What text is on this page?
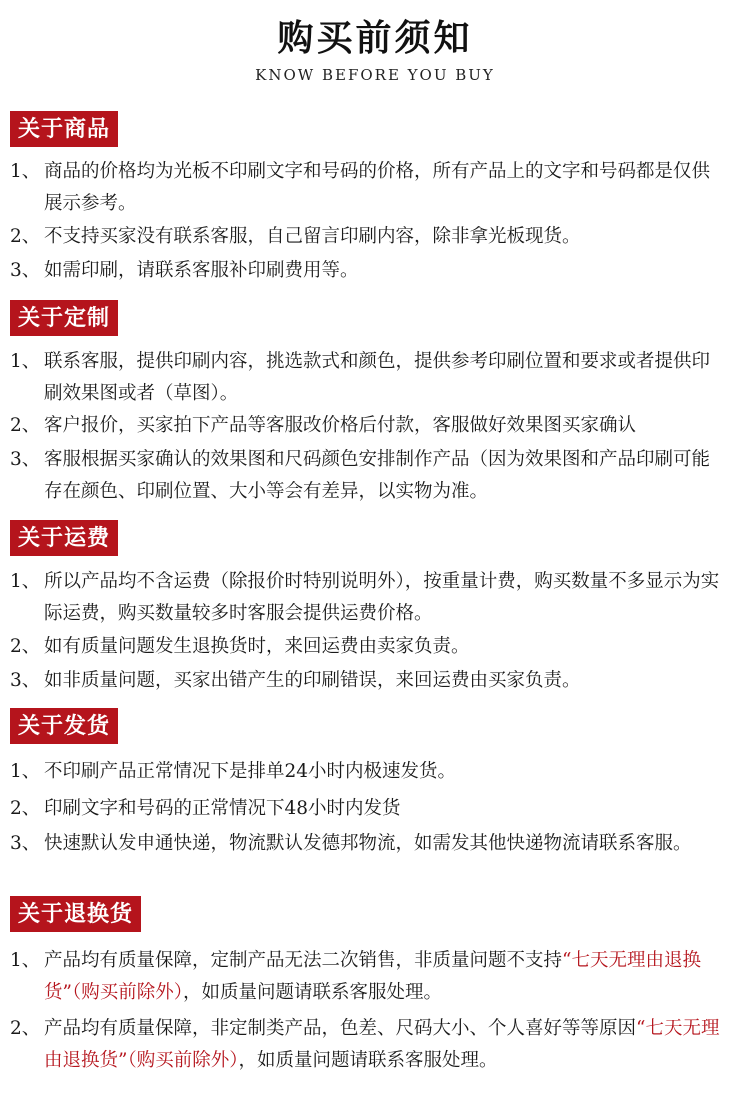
购买前须知
KNOW BEFORE YOU BUY
关于商品
1、 商品的价格均为光板不印刷文字和号码的价格，所有产品上的文字和号码都是仅供展示参考。
2、 不支持买家没有联系客服，自己留言印刷内容，除非拿光板现货。
3、 如需印刷，请联系客服补印刷费用等。
关于定制
1、 联系客服，提供印刷内容，挑选款式和颜色，提供参考印刷位置和要求或者提供印刷效果图或者（草图）。
2、 客户报价，买家拍下产品等客服改价格后付款，客服做好效果图买家确认
3、 客服根据买家确认的效果图和尺码颜色安排制作产品（因为效果图和产品印刷可能存在颜色、印刷位置、大小等会有差异，以实物为准。
关于运费
1、 所以产品均不含运费（除报价时特别说明外），按重量计费，购买数量不多显示为实际运费，购买数量较多时客服会提供运费价格。
2、 如有质量问题发生退换货时，来回运费由卖家负责。
3、 如非质量问题，买家出错产生的印刷错误，来回运费由买家负责。
关于发货
1、 不印刷产品正常情况下是排单24小时内极速发货。
2、 印刷文字和号码的正常情况下48小时内发货
3、 快速默认发申通快递，物流默认发德邦物流，如需发其他快递物流请联系客服。
关于退换货
1、 产品均有质量保障，定制产品无法二次销售，非质量问题不支持“七天无理由退换货”（购买前除外），如质量问题请联系客服处理。
2、 产品均有质量保障，非定制类产品，色差、尺码大小、个人喜好等等原因“七天无理由退换货”（购买前除外），如质量问题请联系客服处理。
